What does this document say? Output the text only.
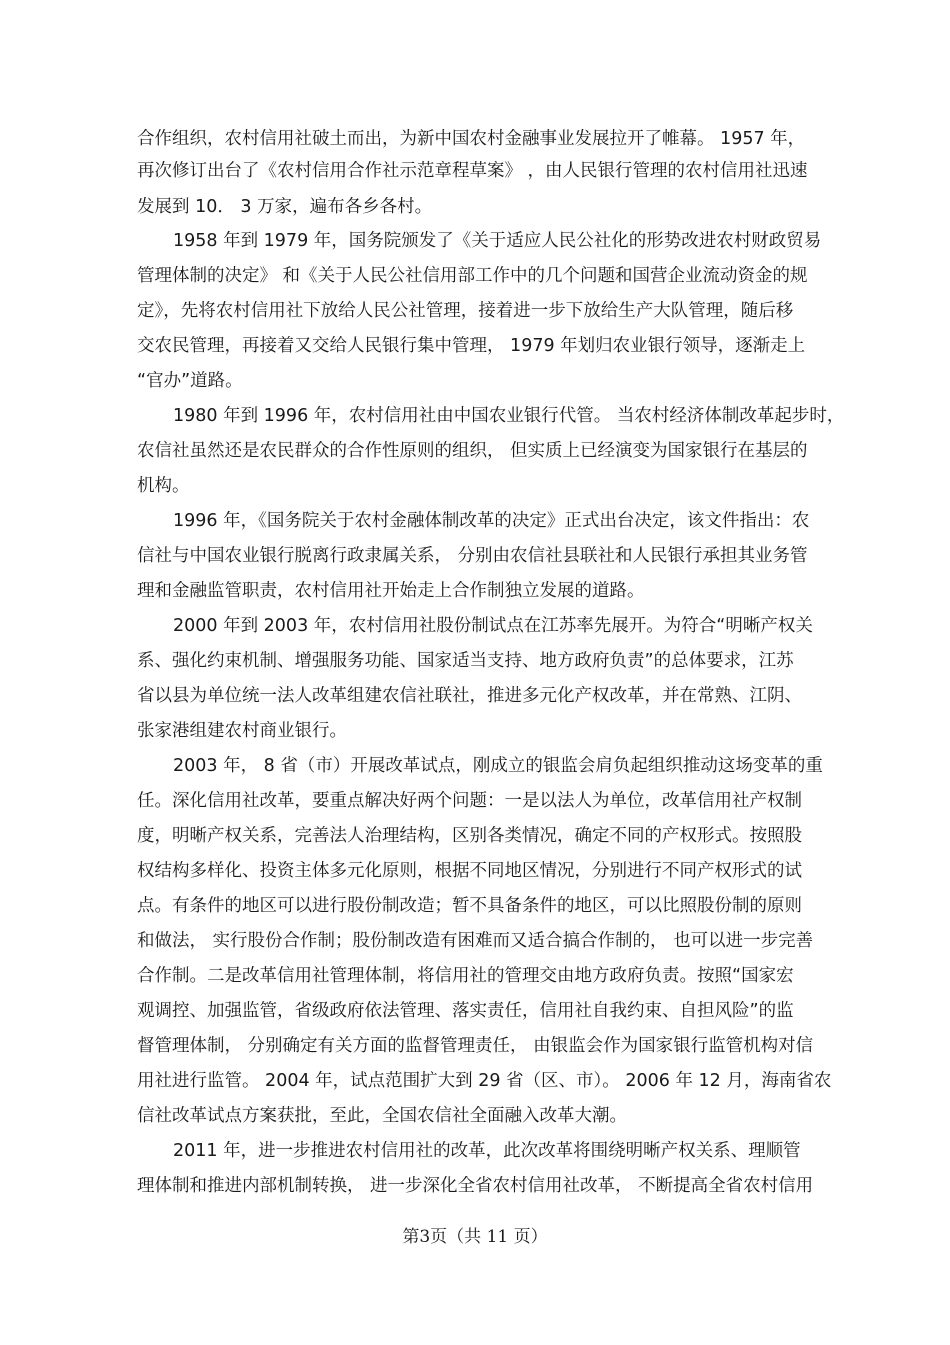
合作组织，农村信用社破土而出，为新中国农村金融事业发展拉开了帷幕。 1957 年，
再次修订出台了《农村信用合作社示范章程草案》 ，由人民银行管理的农村信用社迅速
发展到 10． 3 万家，遍布各乡各村。
1958 年到 1979 年，国务院颁发了《关于适应人民公社化的形势改进农村财政贸易
管理体制的决定》 和《关于人民公社信用部工作中的几个问题和国营企业流动资金的规
定》，先将农村信用社下放给人民公社管理，接着进一步下放给生产大队管理，随后移
交农民管理，再接着又交给人民银行集中管理， 1979 年划归农业银行领导，逐渐走上
“官办”道路。
1980 年到 1996 年，农村信用社由中国农业银行代管。 当农村经济体制改革起步时，
农信社虽然还是农民群众的合作性原则的组织， 但实质上已经演变为国家银行在基层的
机构。
1996 年，《国务院关于农村金融体制改革的决定》正式出台决定，该文件指出：农
信社与中国农业银行脱离行政隶属关系， 分别由农信社县联社和人民银行承担其业务管
理和金融监管职责，农村信用社开始走上合作制独立发展的道路。
2000 年到 2003 年，农村信用社股份制试点在江苏率先展开。为符合“明晰产权关
系、强化约束机制、增强服务功能、国家适当支持、地方政府负责”的总体要求，江苏
省以县为单位统一法人改革组建农信社联社，推进多元化产权改革，并在常熟、江阴、
张家港组建农村商业银行。
2003 年， 8 省（市）开展改革试点，刚成立的银监会肩负起组织推动这场变革的重
任。深化信用社改革，要重点解决好两个问题：一是以法人为单位，改革信用社产权制
度，明晰产权关系，完善法人治理结构，区别各类情况，确定不同的产权形式。按照股
权结构多样化、投资主体多元化原则，根据不同地区情况，分别进行不同产权形式的试
点。有条件的地区可以进行股份制改造；暂不具备条件的地区，可以比照股份制的原则
和做法， 实行股份合作制；股份制改造有困难而又适合搞合作制的， 也可以进一步完善
合作制。二是改革信用社管理体制，将信用社的管理交由地方政府负责。按照“国家宏
观调控、加强监管，省级政府依法管理、落实责任，信用社自我约束、自担风险”的监
督管理体制， 分别确定有关方面的监督管理责任， 由银监会作为国家银行监管机构对信
用社进行监管。 2004 年，试点范围扩大到 29 省（区、市）。 2006 年 12 月，海南省农
信社改革试点方案获批，至此，全国农信社全面融入改革大潮。
2011 年，进一步推进农村信用社的改革，此次改革将围绕明晰产权关系、理顺管
理体制和推进内部机制转换， 进一步深化全省农村信用社改革， 不断提高全省农村信用
第3页（共 11 页）
